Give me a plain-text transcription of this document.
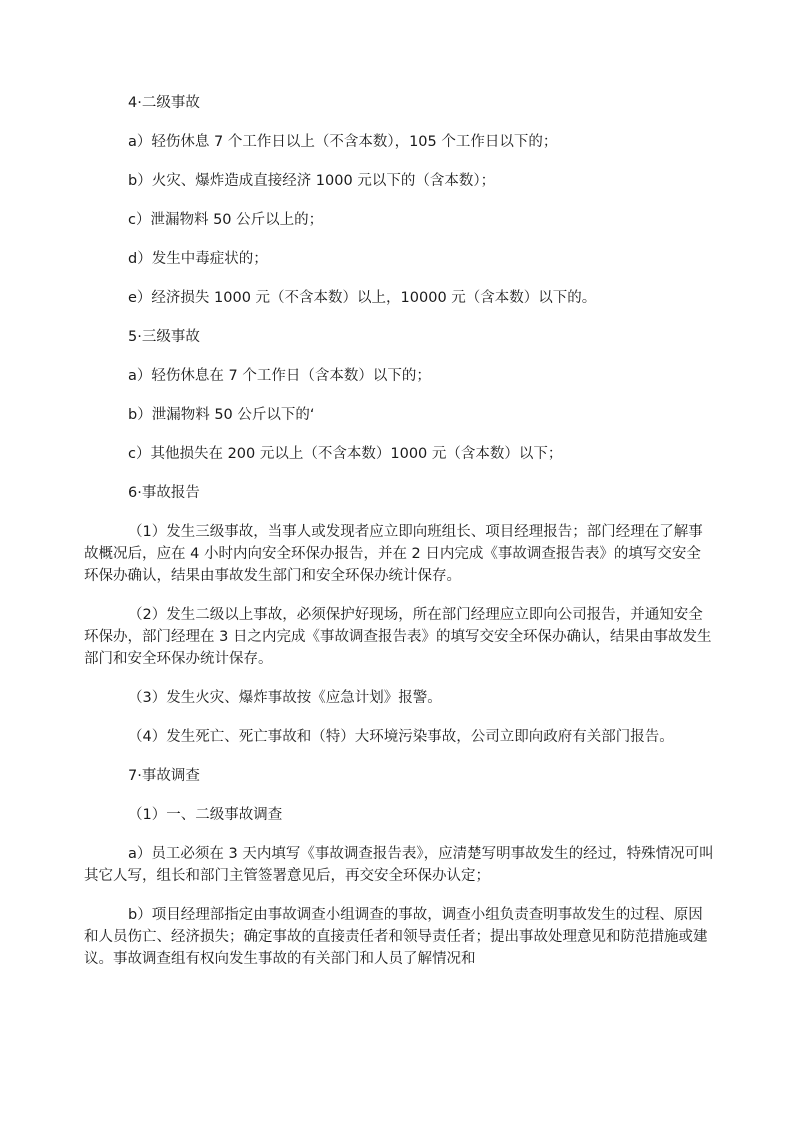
4·二级事故

a）轻伤休息 7 个工作日以上（不含本数），105 个工作日以下的；

b）火灾、爆炸造成直接经济 1000 元以下的（含本数）；

c）泄漏物料 50 公斤以上的；

d）发生中毒症状的；

e）经济损失 1000 元（不含本数）以上，10000 元（含本数）以下的。

5·三级事故

a）轻伤休息在 7 个工作日（含本数）以下的；

b）泄漏物料 50 公斤以下的‘

c）其他损失在 200 元以上（不含本数）1000 元（含本数）以下；

6·事故报告

（1）发生三级事故，当事人或发现者应立即向班组长、项目经理报告；部门经理在了解事故概况后，应在 4 小时内向安全环保办报告，并在 2 日内完成《事故调查报告表》的填写交安全环保办确认，结果由事故发生部门和安全环保办统计保存。

（2）发生二级以上事故，必须保护好现场，所在部门经理应立即向公司报告，并通知安全环保办，部门经理在 3 日之内完成《事故调查报告表》的填写交安全环保办确认，结果由事故发生部门和安全环保办统计保存。

（3）发生火灾、爆炸事故按《应急计划》报警。

（4）发生死亡、死亡事故和（特）大环境污染事故，公司立即向政府有关部门报告。

7·事故调查

（1）一、二级事故调查

a）员工必须在 3 天内填写《事故调查报告表》，应清楚写明事故发生的经过，特殊情况可叫其它人写，组长和部门主管签署意见后，再交安全环保办认定；

b）项目经理部指定由事故调查小组调查的事故，调查小组负责查明事故发生的过程、原因和人员伤亡、经济损失；确定事故的直接责任者和领导责任者；提出事故处理意见和防范措施或建议。事故调查组有权向发生事故的有关部门和人员了解情况和
